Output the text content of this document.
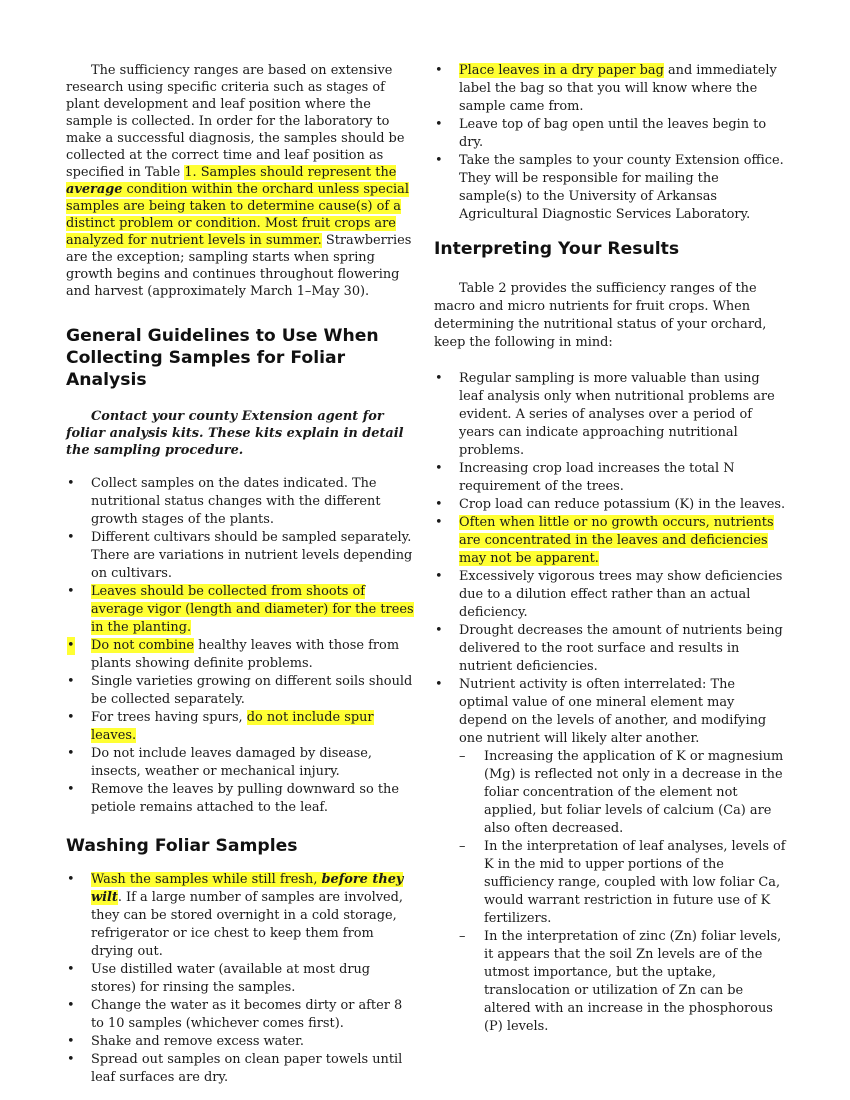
The sufficiency ranges are based on extensive research using specific criteria such as stages of plant development and leaf position where the sample is collected. In order for the laboratory to make a successful diagnosis, the samples should be collected at the correct time and leaf position as specified in Table 1. Samples should represent the average condition within the orchard unless special samples are being taken to determine cause(s) of a distinct problem or condition. Most fruit crops are analyzed for nutrient levels in summer. Strawberries are the exception; sampling starts when spring growth begins and continues throughout flowering and harvest (approximately March 1–May 30).

General Guidelines to Use When Collecting Samples for Foliar Analysis

Contact your county Extension agent for foliar analysis kits. These kits explain in detail the sampling procedure.

• Collect samples on the dates indicated. The nutritional status changes with the different growth stages of the plants.
• Different cultivars should be sampled separately. There are variations in nutrient levels depending on cultivars.
• Leaves should be collected from shoots of average vigor (length and diameter) for the trees in the planting.
• Do not combine healthy leaves with those from plants showing definite problems.
• Single varieties growing on different soils should be collected separately.
• For trees having spurs, do not include spur leaves.
• Do not include leaves damaged by disease, insects, weather or mechanical injury.
• Remove the leaves by pulling downward so the petiole remains attached to the leaf.
Washing Foliar Samples
• Wash the samples while still fresh, before they wilt. If a large number of samples are involved, they can be stored overnight in a cold storage, refrigerator or ice chest to keep them from drying out.
• Use distilled water (available at most drug stores) for rinsing the samples.
• Change the water as it becomes dirty or after 8 to 10 samples (whichever comes first).
• Shake and remove excess water.
• Spread out samples on clean paper towels until leaf surfaces are dry.
• Place leaves in a dry paper bag and immediately label the bag so that you will know where the sample came from.
• Leave top of bag open until the leaves begin to dry.
• Take the samples to your county Extension office. They will be responsible for mailing the sample(s) to the University of Arkansas Agricultural Diagnostic Services Laboratory.
Interpreting Your Results

Table 2 provides the sufficiency ranges of the macro and micro nutrients for fruit crops. When determining the nutritional status of your orchard, keep the following in mind:

• Regular sampling is more valuable than using leaf analysis only when nutritional problems are evident. A series of analyses over a period of years can indicate approaching nutritional problems.
• Increasing crop load increases the total N requirement of the trees.
• Crop load can reduce potassium (K) in the leaves.
• Often when little or no growth occurs, nutrients are concentrated in the leaves and deficiencies may not be apparent.
• Excessively vigorous trees may show deficiencies due to a dilution effect rather than an actual deficiency.
• Drought decreases the amount of nutrients being delivered to the root surface and results in nutrient deficiencies.
• Nutrient activity is often interrelated: The optimal value of one mineral element may depend on the levels of another, and modifying one nutrient will likely alter another.
– Increasing the application of K or magnesium (Mg) is reflected not only in a decrease in the foliar concentration of the element not applied, but foliar levels of calcium (Ca) are also often decreased.
– In the interpretation of leaf analyses, levels of K in the mid to upper portions of the sufficiency range, coupled with low foliar Ca, would warrant restriction in future use of K fertilizers.
– In the interpretation of zinc (Zn) foliar levels, it appears that the soil Zn levels are of the utmost importance, but the uptake, translocation or utilization of Zn can be altered with an increase in the phosphorous (P) levels.
